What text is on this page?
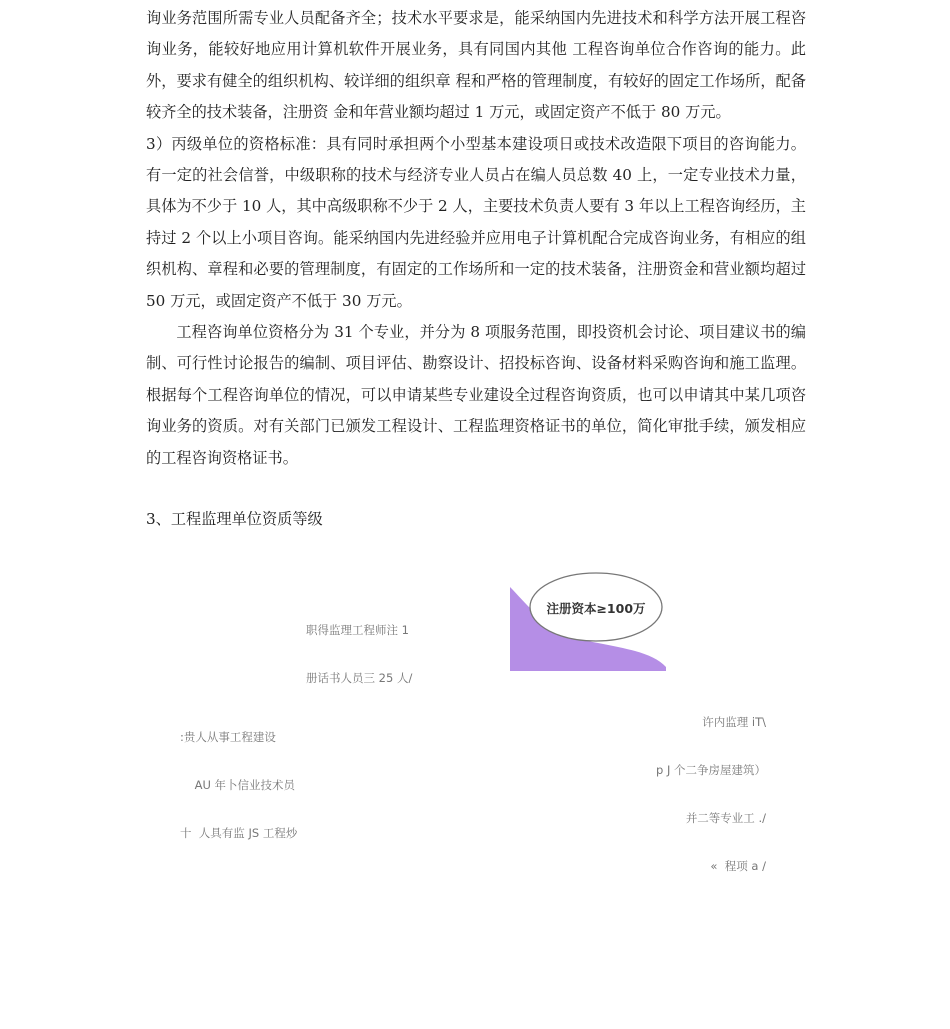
询业务范围所需专业人员配备齐全；技术水平要求是，能采纳国内先进技术和科学方法开展工程咨询业务，能较好地应用计算机软件开展业务，具有同国内其他 工程咨询单位合作咨询的能力。此外，要求有健全的组织机构、较详细的组织章 程和严格的管理制度，有较好的固定工作场所，配备较齐全的技术装备，注册资 金和年营业额均超过 1 万元，或固定资产不低于 80 万元。

3）丙级单位的资格标准：具有同时承担两个小型基本建设项日或技术改造限下项目的咨询能力。有一定的社会信誉，中级职称的技术与经济专业人员占在编人员总数 40 上，一定专业技术力量，具体为不少于 10 人，其中高级职称不少于 2 人，主要技术负责人要有 3 年以上工程咨询经历，主持过 2 个以上小项目咨询。能采纳国内先进经验并应用电子计算机配合完成咨询业务，有相应的组织机构、章程和必要的管理制度，有固定的工作场所和一定的技术装备，注册资金和营业额均超过 50 万元，或固定资产不低于 30 万元。

工程咨询单位资格分为 31 个专业，并分为 8 项服务范围，即投资机会讨论、项目建议书的编制、可行性讨论报告的编制、项目评估、勘察设计、招投标咨询、设备材料采购咨询和施工监理。根据每个工程咨询单位的情况，可以申请某些专业建设全过程咨询资质，也可以申请其中某几项咨询业务的资质。对有关部门已颁发工程设计、工程监理资格证书的单位，简化审批手续，颁发相应的工程咨询资格证书。

3、工程监理单位资质等级

职得监理工程师注 1

册话书人员三 25 人/

注册资本≥100万

:贵人从事工程建设

AU 年卜信业技术员

十  人具有监 JS 工程炒

许内监理 iT\

p J 个二争房屋建筑）

并二等专业工 ./

«  程项 a /
